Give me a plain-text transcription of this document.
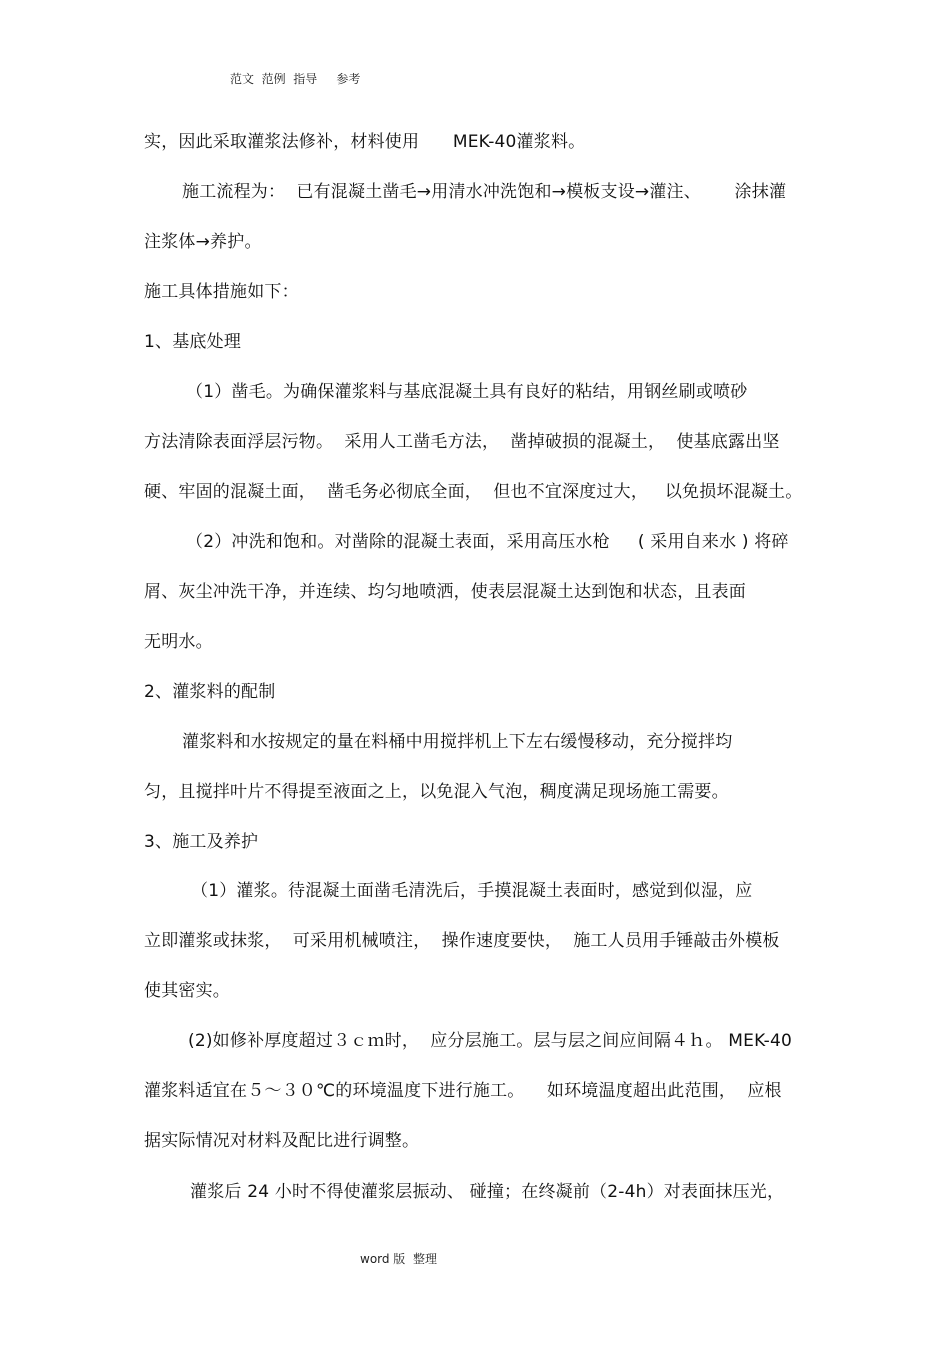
范文  范例  指导     参考
实，因此采取灌浆法修补，材料使用      MEK-40灌浆料。
施工流程为：  已有混凝土凿毛→用清水冲洗饱和→模板支设→灌注、      涂抹灌
注浆体→养护。
施工具体措施如下：
1、基底处理
（1）凿毛。为确保灌浆料与基底混凝土具有良好的粘结，用钢丝刷或喷砂
方法清除表面浮层污物。  采用人工凿毛方法，  凿掉破损的混凝土，  使基底露出坚
硬、牢固的混凝土面，  凿毛务必彻底全面，  但也不宜深度过大，   以免损坏混凝土。
（2）冲洗和饱和。对凿除的混凝土表面，采用高压水枪     ( 采用自来水 ) 将碎
屑、灰尘冲洗干净，并连续、均匀地喷洒，使表层混凝土达到饱和状态，且表面
无明水。
2、灌浆料的配制
灌浆料和水按规定的量在料桶中用搅拌机上下左右缓慢移动，充分搅拌均
匀，且搅拌叶片不得提至液面之上，以免混入气泡，稠度满足现场施工需要。
3、施工及养护
（1）灌浆。待混凝土面凿毛清洗后，手摸混凝土表面时，感觉到似湿，应
立即灌浆或抹浆，  可采用机械喷注，  操作速度要快，  施工人员用手锤敲击外模板
使其密实。
(2)如修补厚度超过３ｃｍ时，  应分层施工。层与层之间应间隔４ｈ。 MEK-40
灌浆料适宜在５～３０℃的环境温度下进行施工。    如环境温度超出此范围，  应根
据实际情况对材料及配比进行调整。
灌浆后 24 小时不得使灌浆层振动、 碰撞；在终凝前（2-4h）对表面抹压光，
word 版  整理
